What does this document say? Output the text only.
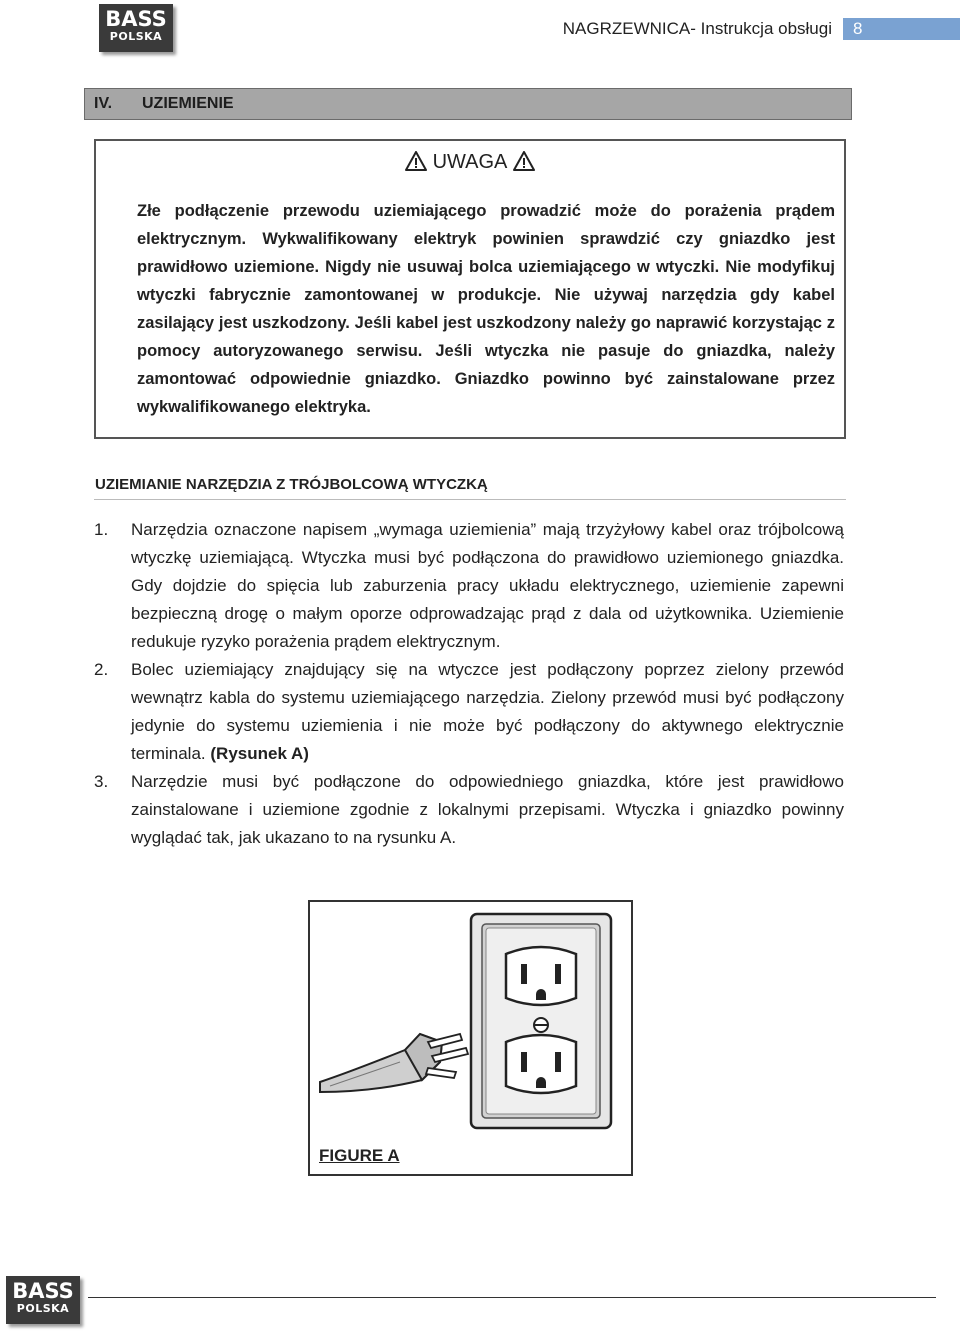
BASS
POLSKA	NAGRZEWNICA- Instrukcja obsługi 8
IV. UZIEMIENIE
UWAGA
Złe podłączenie przewodu uziemiającego prowadzić może do porażenia prądem elektrycznym. Wykwalifikowany elektryk powinien sprawdzić czy gniazdko jest prawidłowo uziemione. Nigdy nie usuwaj bolca uziemiającego w wtyczki. Nie modyfikuj wtyczki fabrycznie zamontowanej w produkcje. Nie używaj narzędzia gdy kabel zasilający jest uszkodzony. Jeśli kabel jest uszkodzony należy go naprawić korzystając z pomocy autoryzowanego serwisu. Jeśli wtyczka nie pasuje do gniazdka, należy zamontować odpowiednie gniazdko. Gniazdko powinno być zainstalowane przez wykwalifikowanego elektryka.
UZIEMIANIE NARZĘDZIA Z TRÓJBOLCOWĄ WTYCZKĄ
1. Narzędzia oznaczone napisem „wymaga uziemienia” mają trzyżyłowy kabel oraz trójbolcową wtyczkę uziemiającą. Wtyczka musi być podłączona do prawidłowo uziemionego gniazdka. Gdy dojdzie do spięcia lub zaburzenia pracy układu elektrycznego, uziemienie zapewni bezpieczną drogę o małym oporze odprowadzając prąd z dala od użytkownika. Uziemienie redukuje ryzyko porażenia prądem elektrycznym.
2. Bolec uziemiający znajdujący się na wtyczce jest podłączony poprzez zielony przewód wewnątrz kabla do systemu uziemiającego narzędzia. Zielony przewód musi być podłączony jedynie do systemu uziemienia i nie może być podłączony do aktywnego elektrycznie terminala. (Rysunek A)
3. Narzędzie musi być podłączone do odpowiedniego gniazdka, które jest prawidłowo zainstalowane i uziemione zgodnie z lokalnymi przepisami. Wtyczka i gniazdko powinny wyglądać tak, jak ukazano to na rysunku A.
FIGURE A
BASS
POLSKA
